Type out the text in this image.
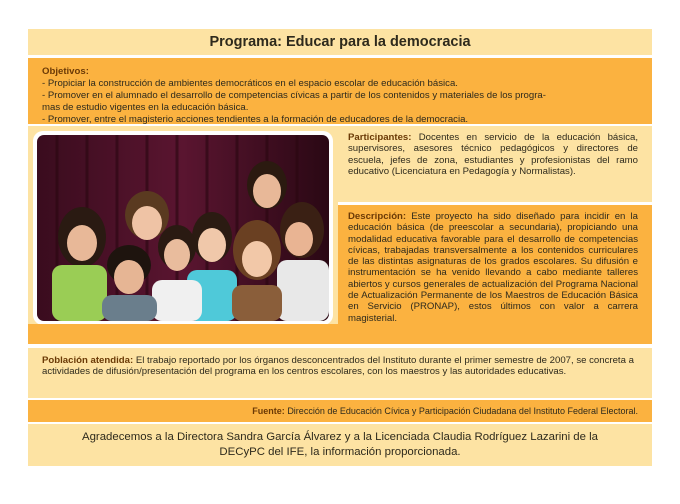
Programa: Educar para la democracia
Objetivos:
- Propiciar la construcción de ambientes democráticos en el espacio escolar de educación básica.
- Promover en el alumnado el desarrollo de competencias cívicas a partir de los contenidos y materiales de los progra-
mas de estudio vigentes en la educación básica.
- Promover, entre el magisterio acciones tendientes a la formación de educadores de la democracia.
Participantes: Docentes en servicio de la educación básica, supervisores, asesores técnico pedagógicos y directores de escuela, jefes de zona, estudiantes y profesionistas del ramo educativo (Licenciatura en Pedagogía y Normalistas).
Descripción: Este proyecto ha sido diseñado para incidir en la educación básica (de preescolar a secundaria), propiciando una modalidad educativa favorable para el desarrollo de competencias cívicas, trabajadas transversalmente a los contenidos curriculares de las distintas asignaturas de los grados escolares. Su difusión e instrumentación se ha venido llevando a cabo mediante talleres abiertos y cursos generales de actualización del Programa Nacional de Actualización Permanente de los Maestros de Educación Básica en Servicio (PRONAP), estos últimos con valor a carrera magisterial.
Población atendida: El trabajo reportado por los órganos desconcentrados del Instituto durante el primer semestre de 2007, se concreta a actividades de difusión/presentación del programa en los centros escolares, con los maestros y las autoridades educativas.
Fuente: Dirección de Educación Cívica y Participación Ciudadana del Instituto Federal Electoral.
Agradecemos a la Directora Sandra García Álvarez y a la Licenciada Claudia Rodríguez Lazarini de la
DECyPC del IFE, la información proporcionada.
